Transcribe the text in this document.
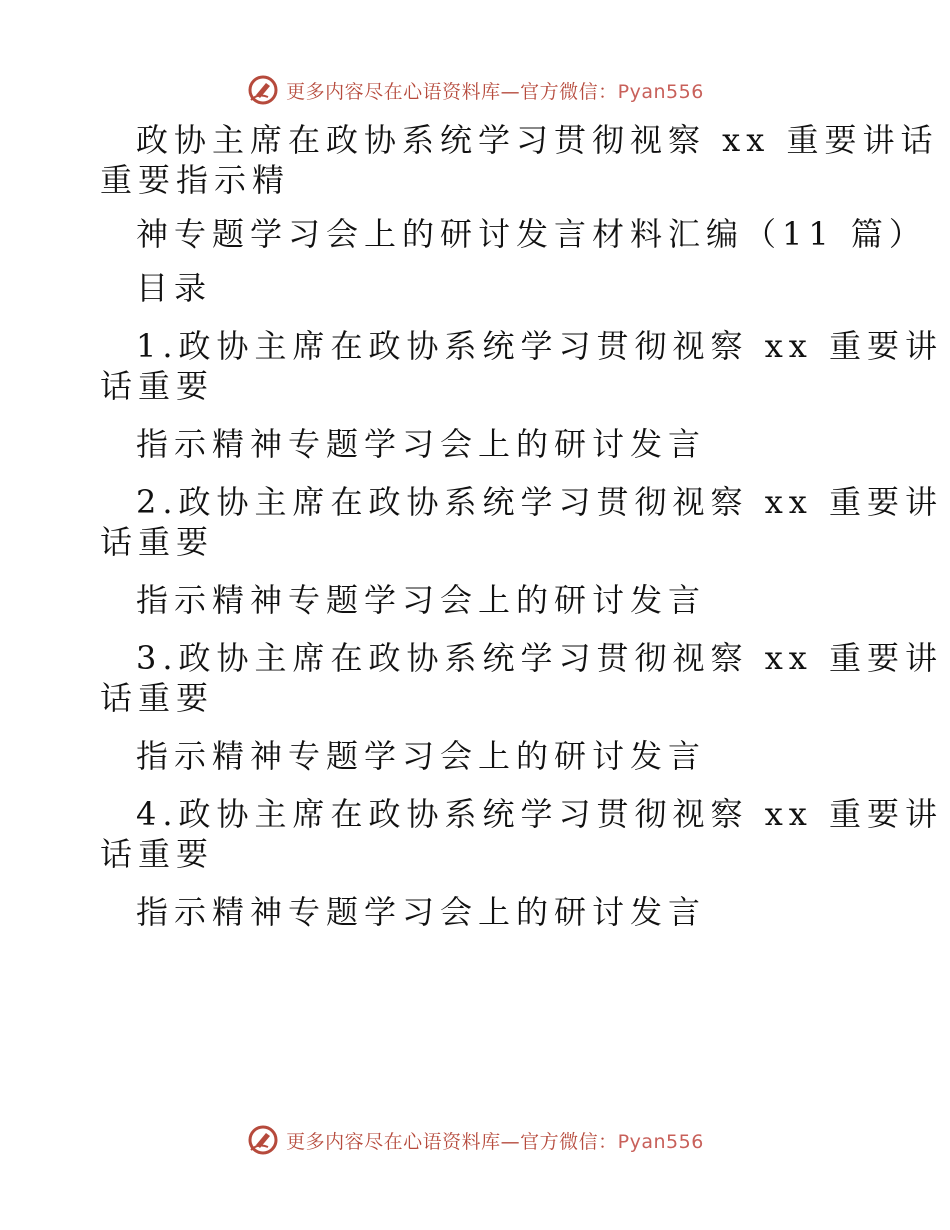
更多内容尽在心语资料库—官方微信：Pyan556

政协主席在政协系统学习贯彻视察 xx 重要讲话

重要指示精

神专题学习会上的研讨发言材料汇编（11 篇）

目录

1.政协主席在政协系统学习贯彻视察 xx 重要讲

话重要

指示精神专题学习会上的研讨发言

2.政协主席在政协系统学习贯彻视察 xx 重要讲

话重要

指示精神专题学习会上的研讨发言

3.政协主席在政协系统学习贯彻视察 xx 重要讲

话重要

指示精神专题学习会上的研讨发言

4.政协主席在政协系统学习贯彻视察 xx 重要讲

话重要

指示精神专题学习会上的研讨发言

更多内容尽在心语资料库—官方微信：Pyan556
